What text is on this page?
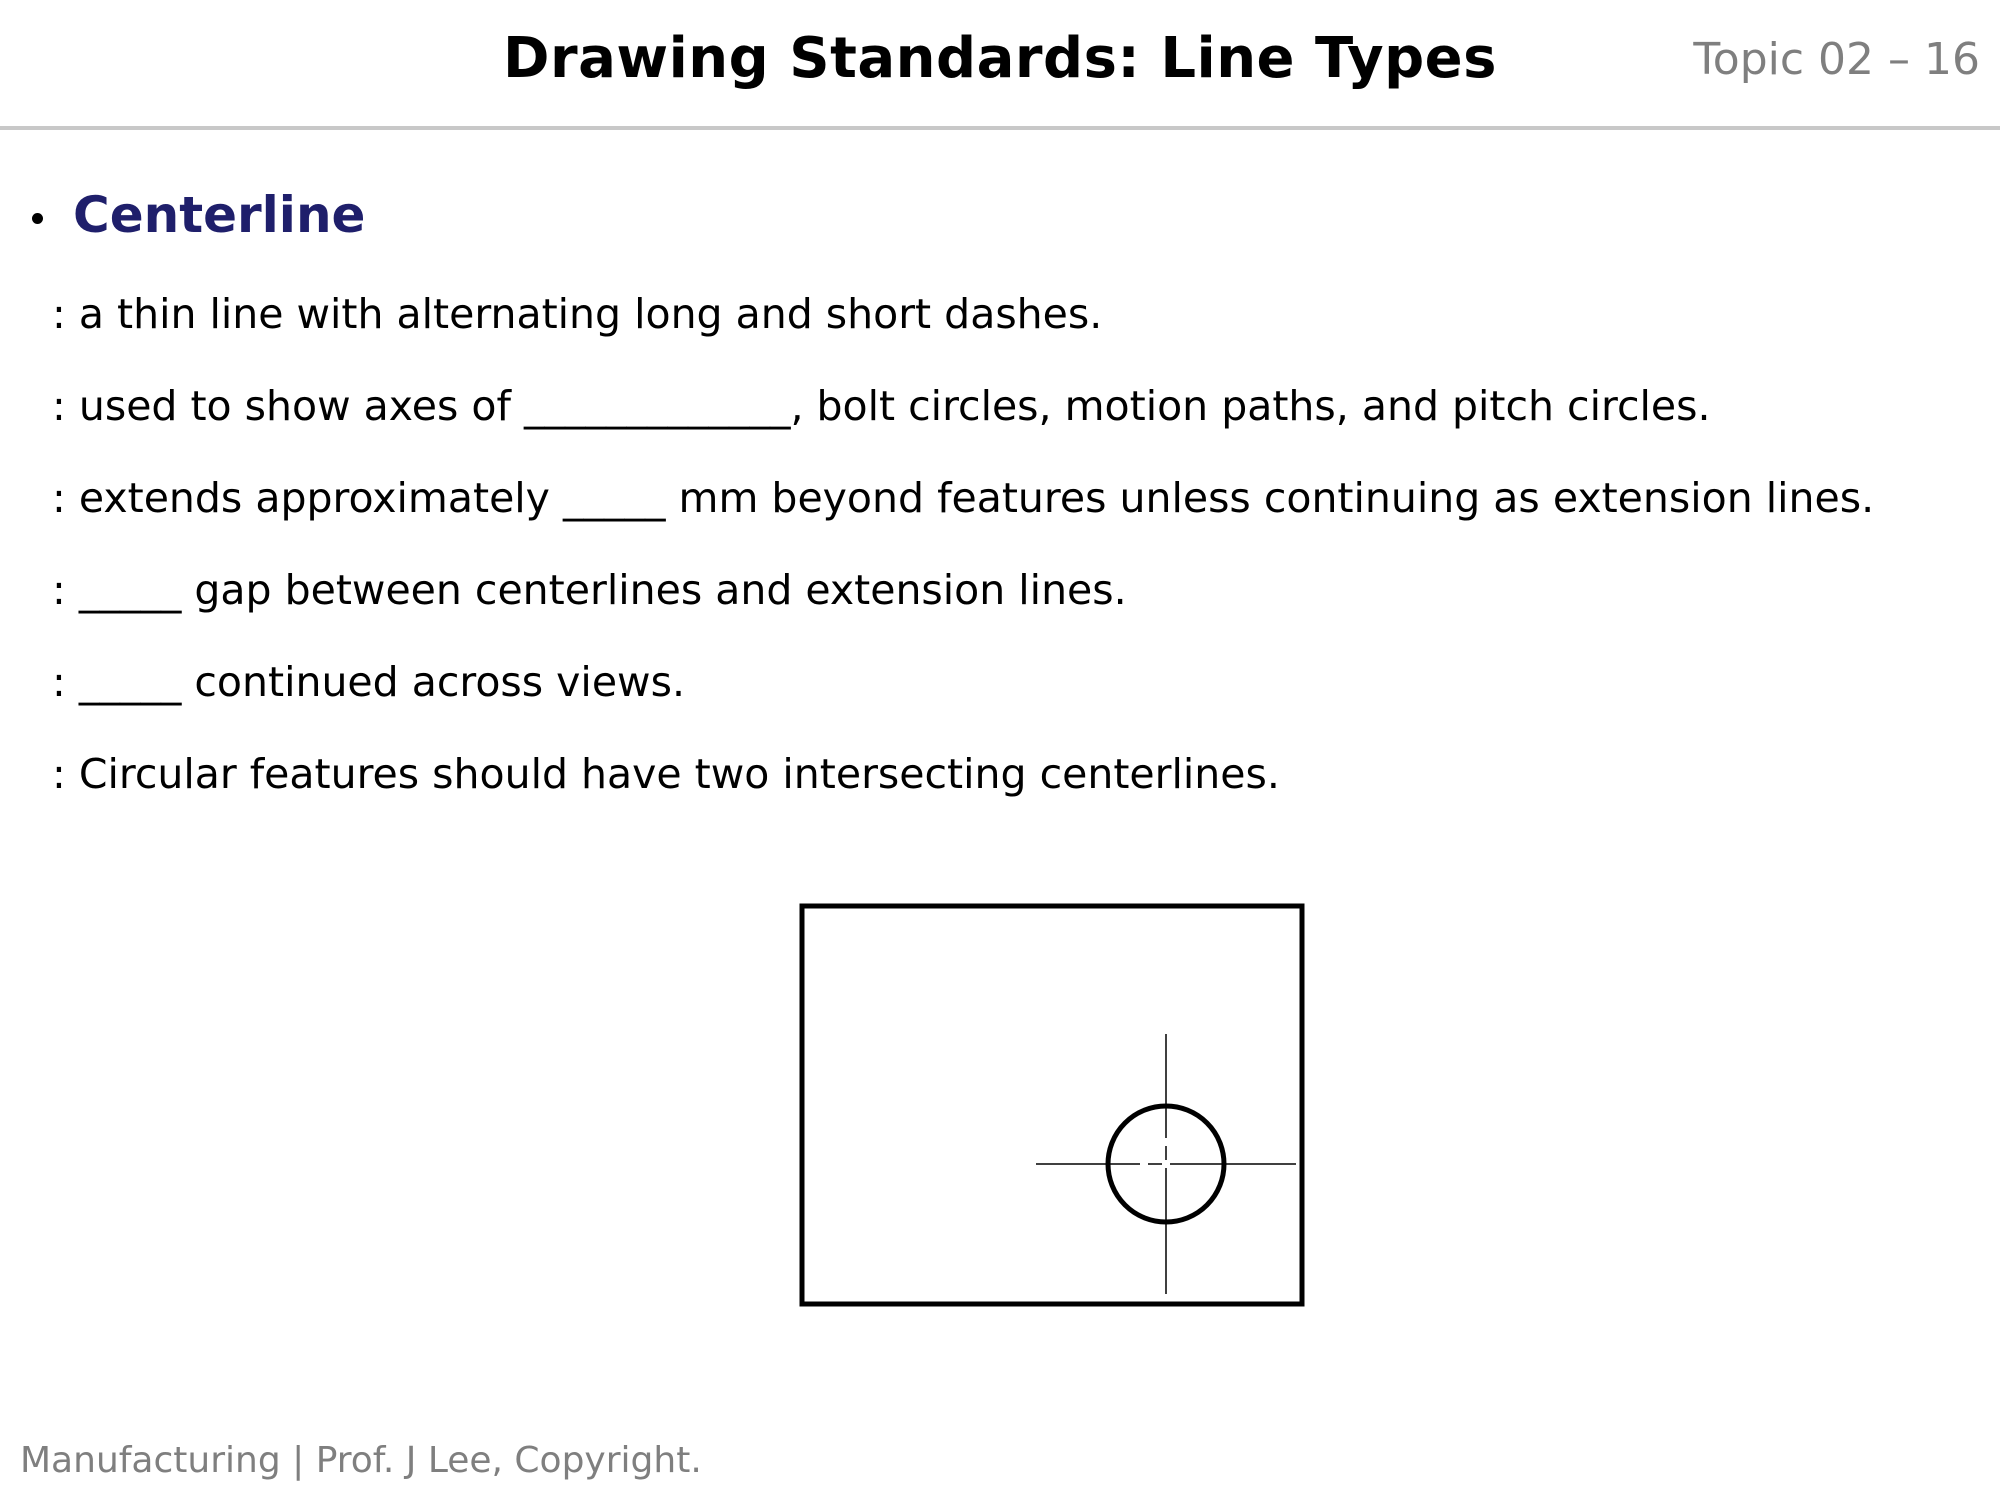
Drawing Standards: Line Types	Topic 02 – 16
Centerline
: a thin line with alternating long and short dashes.
: used to show axes of _____________, bolt circles, motion paths, and pitch circles.
: extends approximately _____ mm beyond features unless continuing as extension lines.
: _____ gap between centerlines and extension lines.
: _____ continued across views.
: Circular features should have two intersecting centerlines.
Manufacturing | Prof. J Lee, Copyright.
